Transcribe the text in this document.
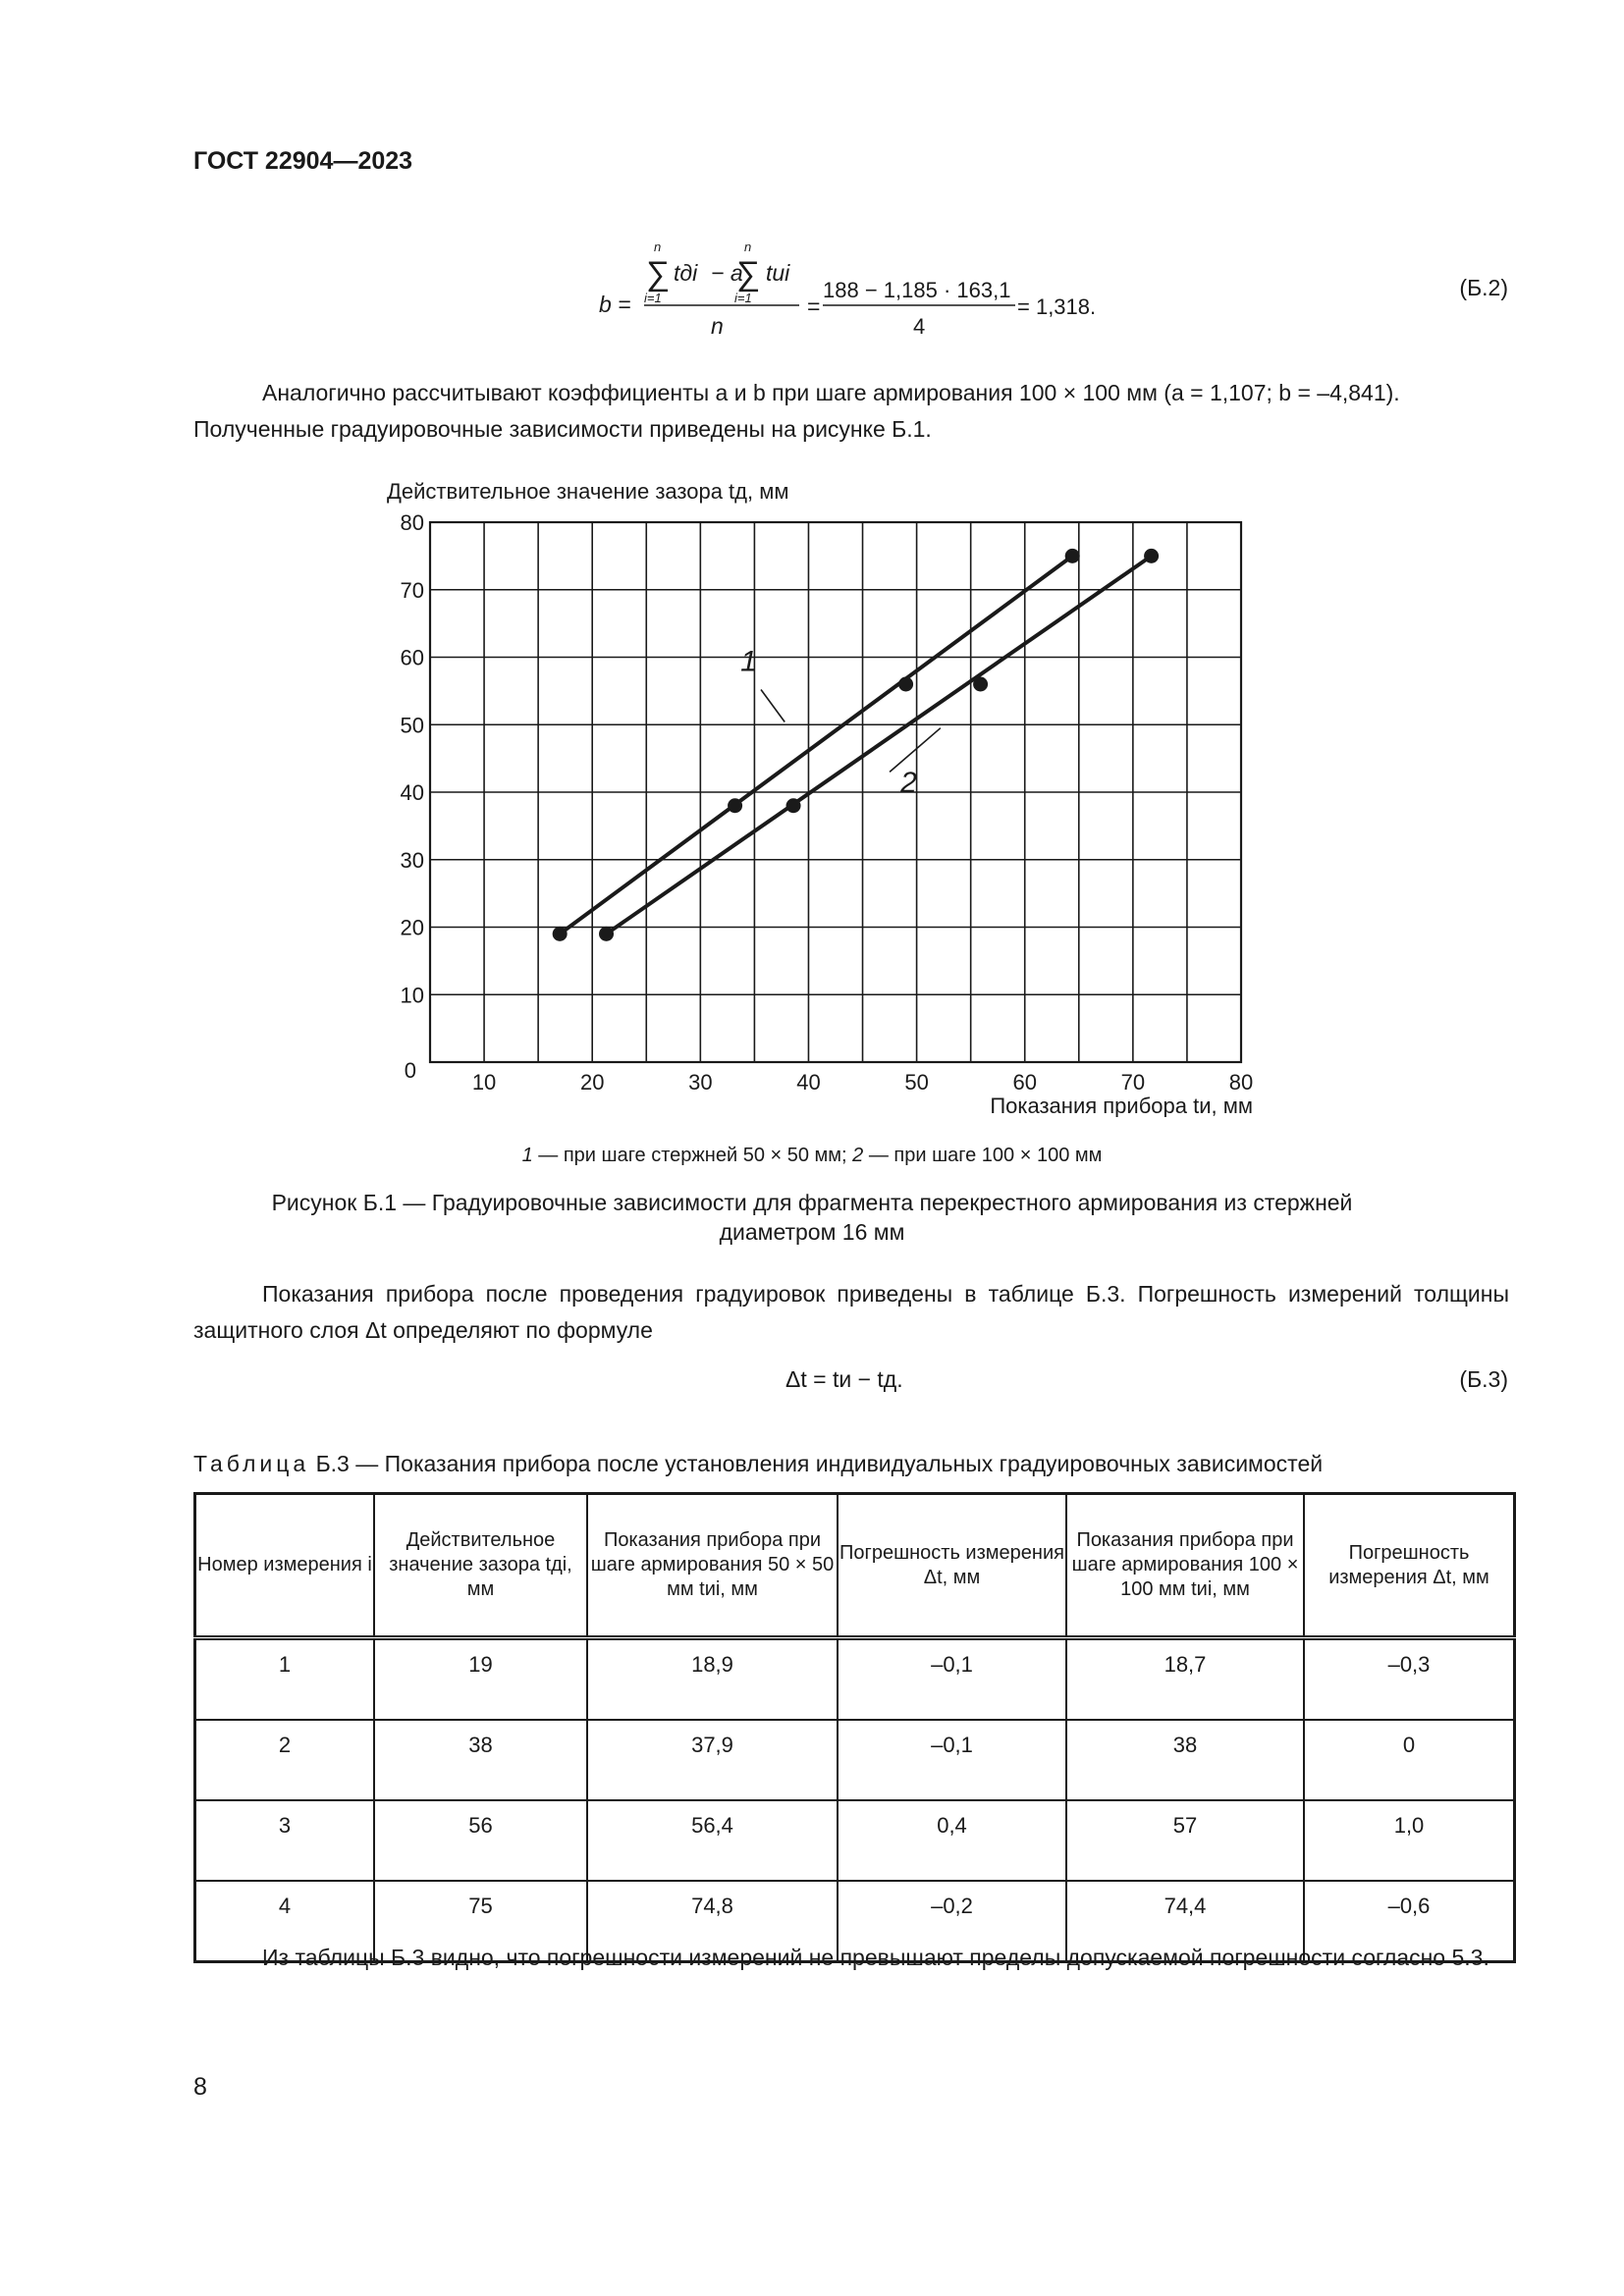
ГОСТ 22904—2023
b =
n
∑
i=1
tдi − a
n
∑
i=1
tиi
n
=
188 − 1,185 · 163,1
4
= 1,318.
(Б.2)
Аналогично рассчитывают коэффициенты a и b при шаге армирования 100 × 100 мм (a = 1,107; b = –4,841). Полученные градуировочные зависимости приведены на рисунке Б.1.
10	20	30	40	50	60	70	80
10
20
30
40
50
60
70
80
0
Действительное значение зазора tд, мм
Показания прибора tи, мм
1
2
1 — при шаге стержней 50 × 50 мм; 2 — при шаге 100 × 100 мм
Рисунок Б.1 — Градуировочные зависимости для фрагмента перекрестного армирования из стержней диаметром 16 мм
Показания прибора после проведения градуировок приведены в таблице Б.3. Погрешность измерений толщины защитного слоя Δt определяют по формуле
Δt = tи − tд.	(Б.3)
Таблица Б.3 — Показания прибора после установления индивидуальных градуировочных зависимостей
Номер измерения i	Действительное значение зазора tдi, мм	Показания прибора при шаге армирования 50 × 50 мм tиi, мм	Погрешность измерения Δt, мм	Показания прибора при шаге армирования 100 × 100 мм tиi, мм	Погрешность измерения Δt, мм
1	19	18,9	–0,1	18,7	–0,3
2	38	37,9	–0,1	38	0
3	56	56,4	0,4	57	1,0
4	75	74,8	–0,2	74,4	–0,6
Из таблицы Б.3 видно, что погрешности измерений не превышают пределы допускаемой погрешности согласно 5.3.
8
